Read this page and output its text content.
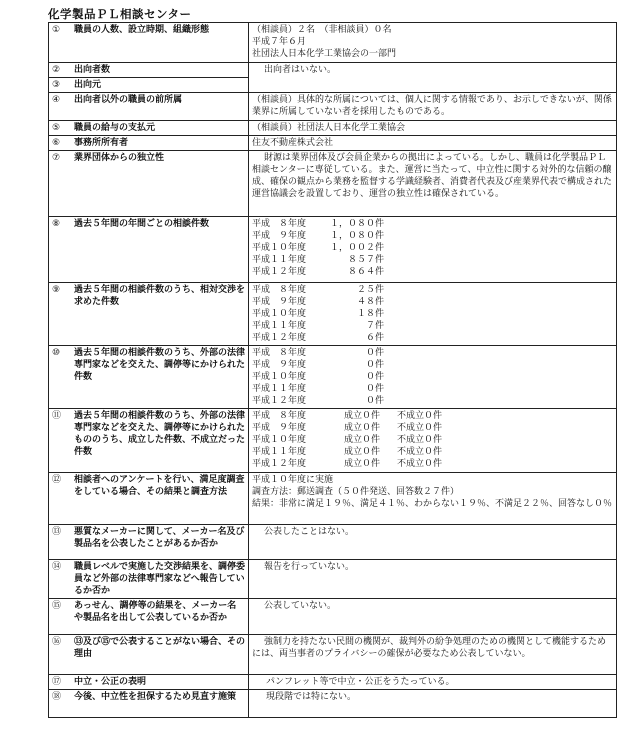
化学製品ＰＬ相談センター
① 職員の人数、設立時期、組織形態	（相談員）２名　（非相談員）０名
平成７年６月
社団法人日本化学工業協会の一部門

② 出向者数	出向者はいない。

③ 出向元	

④ 出向者以外の職員の前所属	（相談員）具体的な所属については、個人に関する情報であり、お示しできないが、関係業界に所属していない者を採用したものである。

⑤ 職員の給与の支払元	（相談員）社団法人日本化学工業協会

⑥ 事務所所有者	住友不動産株式会社

⑦ 業界団体からの独立性	財源は業界団体及び会員企業からの拠出によっている。しかし、職員は化学製品ＰＬ相談センターに専従している。また、運営に当たって、中立性に関する対外的な信頼の醸成、確保の観点から業務を監督する学識経験者、消費者代表及び産業界代表で構成された運営協議会を設置しており、運営の独立性は確保されている。

⑧ 過去５年間の年間ごとの相談件数	平成　８年度 １，０８０件
平成　９年度 １，０８０件
平成１０年度 １，００２件
平成１１年度 ８５７件
平成１２年度 ８６４件

⑨ 過去５年間の相談件数のうち、相対交渉を求めた件数	平成　８年度 ２５件
平成　９年度 ４８件
平成１０年度 １８件
平成１１年度 ７件
平成１２年度 ６件

⑩ 過去５年間の相談件数のうち、外部の法律専門家などを交えた、調停等にかけられた件数	平成　８年度 ０件
平成　９年度 ０件
平成１０年度 ０件
平成１１年度 ０件
平成１２年度 ０件

⑪ 過去５年間の相談件数のうち、外部の法律専門家などを交えた、調停等にかけられたもののうち、成立した件数、不成立だった件数	平成　８年度 成立０件 不成立０件
平成　９年度 成立０件 不成立０件
平成１０年度 成立０件 不成立０件
平成１１年度 成立０件 不成立０件
平成１２年度 成立０件 不成立０件

⑫ 相談者へのアンケートを行い、満足度調査をしている場合、その結果と調査方法	平成１０年度に実施
調査方法：郵送調査（５０件発送、回答数２７件）
結果：非常に満足１９％、満足４１％、わからない１９％、不満足２２％、回答なし０％

⑬ 悪質なメーカーに関して、メーカー名及び製品名を公表したことがあるか否か	公表したことはない。

⑭ 職員レベルで実施した交渉結果を、調停委員など外部の法律専門家などへ報告しているか否か	報告を行っていない。

⑮ あっせん、調停等の結果を、メーカー名や製品名を出して公表しているか否か	公表していない。

⑯ ⑬及び⑮で公表することがない場合、その理由	強制力を持たない民間の機関が、裁判外の紛争処理のための機関として機能するためには、両当事者のプライバシーの確保が必要なため公表していない。

⑰ 中立・公正の表明	パンフレット等で中立・公正をうたっている。

⑱ 今後、中立性を担保するため見直す施策	現段階では特にない。
